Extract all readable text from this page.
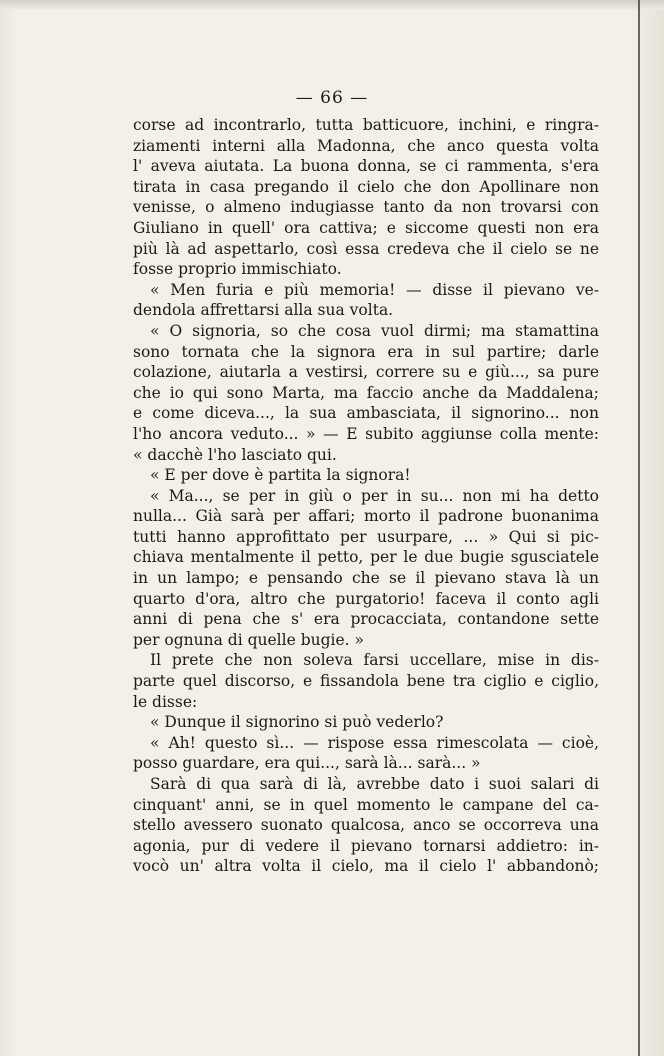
— 66 —
corse ad incontrarlo, tutta batticuore, inchini, e ringra-
ziamenti interni alla Madonna, che anco questa volta
l' aveva aiutata. La buona donna, se ci rammenta, s'era
tirata in casa pregando il cielo che don Apollinare non
venisse, o almeno indugiasse tanto da non trovarsi con
Giuliano in quell' ora cattiva; e siccome questi non era
più là ad aspettarlo, così essa credeva che il cielo se ne
fosse proprio immischiato.
« Men furia e più memoria! — disse il pievano ve-
dendola affrettarsi alla sua volta.
« O signoria, so che cosa vuol dirmi; ma stamattina
sono tornata che la signora era in sul partire; darle
colazione, aiutarla a vestirsi, correre su e giù..., sa pure
che io qui sono Marta, ma faccio anche da Maddalena;
e come diceva..., la sua ambasciata, il signorino... non
l'ho ancora veduto... » — E subito aggiunse colla mente:
« dacchè l'ho lasciato qui.
« E per dove è partita la signora!
« Ma..., se per in giù o per in su... non mi ha detto
nulla... Già sarà per affari; morto il padrone buonanima
tutti hanno approfittato per usurpare, ... » Qui si pic-
chiava mentalmente il petto, per le due bugie sgusciatele
in un lampo; e pensando che se il pievano stava là un
quarto d'ora, altro che purgatorio! faceva il conto agli
anni di pena che s' era procacciata, contandone sette
per ognuna di quelle bugie. »
Il prete che non soleva farsi uccellare, mise in dis-
parte quel discorso, e fissandola bene tra ciglio e ciglio,
le disse:
« Dunque il signorino si può vederlo?
« Ah! questo sì... — rispose essa rimescolata — cioè,
posso guardare, era qui..., sarà là... sarà... »
Sarà di qua sarà di là, avrebbe dato i suoi salari di
cinquant' anni, se in quel momento le campane del ca-
stello avessero suonato qualcosa, anco se occorreva una
agonia, pur di vedere il pievano tornarsi addietro: in-
vocò un' altra volta il cielo, ma il cielo l' abbandonò;
